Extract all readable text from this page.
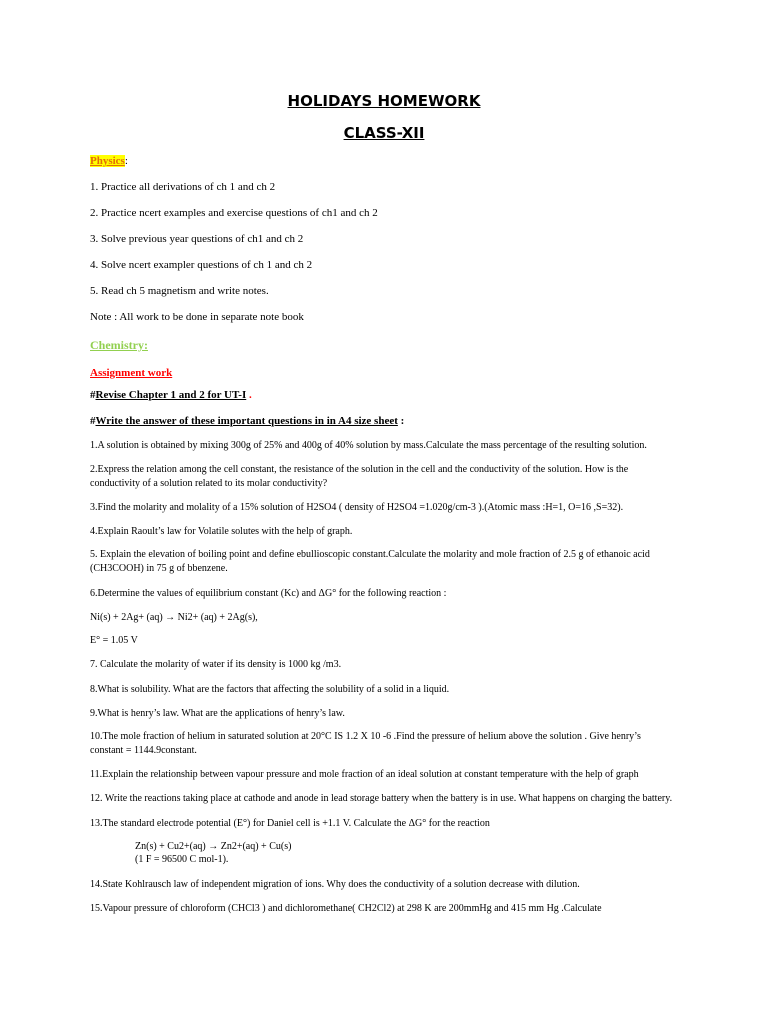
HOLIDAYS HOMEWORK
CLASS-XII
Physics:
1. Practice all derivations of ch 1 and ch 2
2. Practice ncert examples and exercise questions of ch1 and ch 2
3. Solve previous year questions of ch1 and ch 2
4. Solve ncert exampler questions of ch 1 and ch 2
5. Read ch 5 magnetism and write notes.
Note : All work to be done in separate note book
Chemistry:
Assignment work
#Revise Chapter 1 and 2 for UT-I .
#Write the answer of these important questions in in A4 size sheet :
1.A solution is obtained by mixing 300g of 25% and 400g of 40% solution by mass.Calculate the mass percentage of the resulting solution.
2.Express the relation among the cell constant, the resistance of the solution in the cell and the conductivity of the solution. How is the conductivity of a solution related to its molar conductivity?
3.Find the molarity and molality of a 15% solution of H2SO4 ( density of H2SO4 =1.020g/cm-3 ).(Atomic mass :H=1, O=16 ,S=32).
4.Explain Raoult’s law for Volatile solutes with the help of graph.
5. Explain the elevation of boiling point and define ebullioscopic constant.Calculate the molarity and mole fraction of 2.5 g of ethanoic acid (CH3COOH) in 75 g of bbenzene.
6.Determine the values of equilibrium constant (Kc) and ΔG° for the following reaction :
Ni(s) + 2Ag+ (aq) → Ni2+ (aq) + 2Ag(s),
E° = 1.05 V
7. Calculate the molarity of water if its density is 1000 kg /m3.
8.What is solubility. What are the factors that affecting the solubility of a solid in a liquid.
9.What is henry’s law. What are the applications of henry’s law.
10.The mole fraction of helium in saturated solution at 20°C IS 1.2 X 10 -6 .Find the pressure of helium above the solution . Give henry’s constant = 1144.9constant.
11.Explain the relationship between vapour pressure and mole fraction of an ideal solution at constant temperature with the help of graph
12. Write the reactions taking place at cathode and anode in lead storage battery when the battery is in use. What happens on charging the battery.
13.The standard electrode potential (E°) for Daniel cell is +1.1 V. Calculate the ΔG° for the reaction
Zn(s) + Cu2+(aq) → Zn2+(aq) + Cu(s)
(1 F = 96500 C mol-1).
14.State Kohlrausch law of independent migration of ions. Why does the conductivity of a solution decrease with dilution.
15.Vapour pressure of chloroform (CHCl3 ) and dichloromethane( CH2Cl2) at 298 K are 200mmHg and 415 mm Hg .Calculate
